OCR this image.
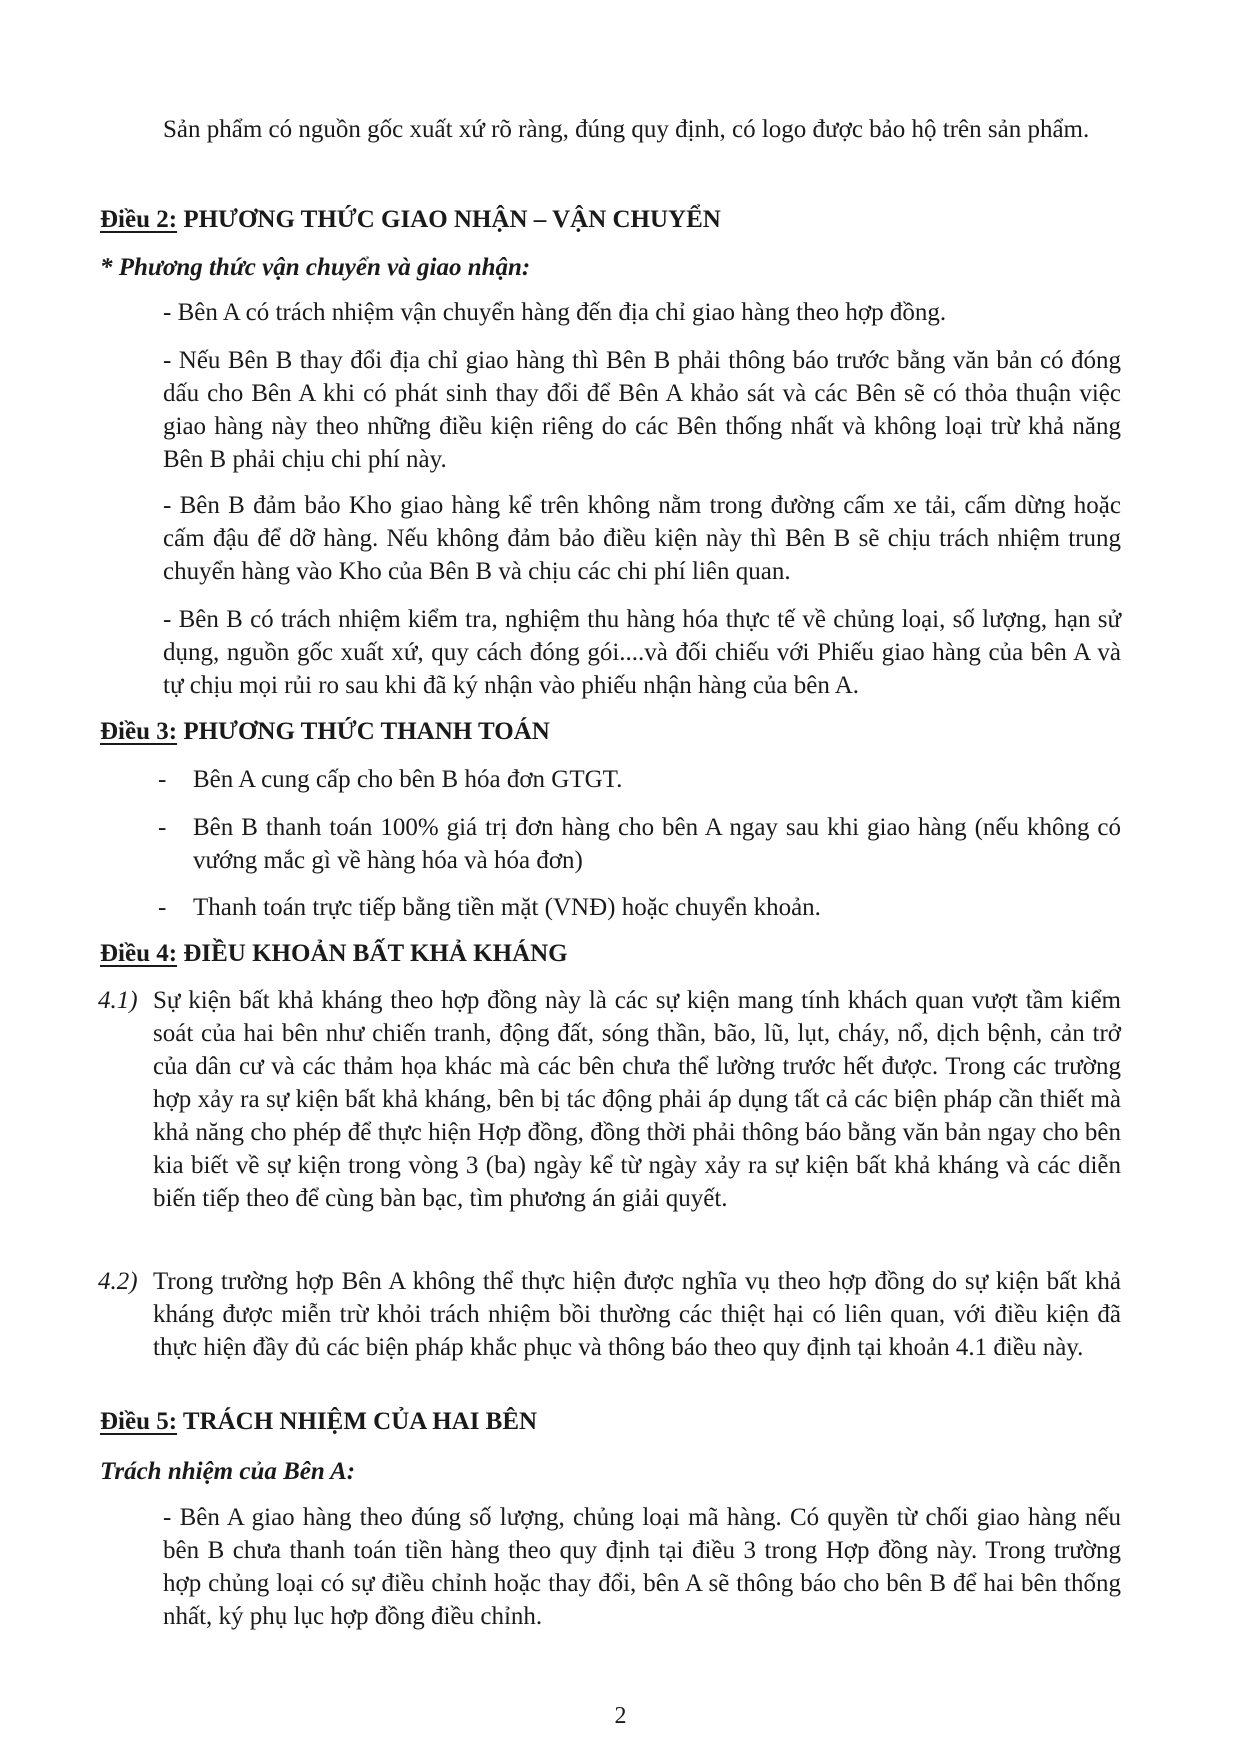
Sản phẩm có nguồn gốc xuất xứ rõ ràng, đúng quy định, có logo được bảo hộ trên sản phẩm.
Điều 2: PHƯƠNG THỨC GIAO NHẬN – VẬN CHUYỂN
* Phương thức vận chuyển và giao nhận:
- Bên A có trách nhiệm vận chuyển hàng đến địa chỉ giao hàng theo hợp đồng.
- Nếu Bên B thay đổi địa chỉ giao hàng thì Bên B phải thông báo trước bằng văn bản có đóng dấu cho Bên A khi có phát sinh thay đổi để Bên A khảo sát và các Bên sẽ có thỏa thuận việc giao hàng này theo những điều kiện riêng do các Bên thống nhất và không loại trừ khả năng Bên B phải chịu chi phí này.
- Bên B đảm bảo Kho giao hàng kể trên không nằm trong đường cấm xe tải, cấm dừng hoặc cấm đậu để dỡ hàng. Nếu không đảm bảo điều kiện này thì Bên B sẽ chịu trách nhiệm trung chuyển hàng vào Kho của Bên B và chịu các chi phí liên quan.
- Bên B có trách nhiệm kiểm tra, nghiệm thu hàng hóa thực tế về chủng loại, số lượng, hạn sử dụng, nguồn gốc xuất xứ, quy cách đóng gói....và đối chiếu với Phiếu giao hàng của bên A và tự chịu mọi rủi ro sau khi đã ký nhận vào phiếu nhận hàng của bên A.
Điều 3: PHƯƠNG THỨC THANH TOÁN
- Bên A cung cấp cho bên B hóa đơn GTGT.
- Bên B thanh toán 100% giá trị đơn hàng cho bên A ngay sau khi giao hàng (nếu không có vướng mắc gì về hàng hóa và hóa đơn)
- Thanh toán trực tiếp bằng tiền mặt (VNĐ) hoặc chuyển khoản.
Điều 4: ĐIỀU KHOẢN BẤT KHẢ KHÁNG
4.1) Sự kiện bất khả kháng theo hợp đồng này là các sự kiện mang tính khách quan vượt tầm kiểm soát của hai bên như chiến tranh, động đất, sóng thần, bão, lũ, lụt, cháy, nổ, dịch bệnh, cản trở của dân cư và các thảm họa khác mà các bên chưa thể lường trước hết được. Trong các trường hợp xảy ra sự kiện bất khả kháng, bên bị tác động phải áp dụng tất cả các biện pháp cần thiết mà khả năng cho phép để thực hiện Hợp đồng, đồng thời phải thông báo bằng văn bản ngay cho bên kia biết về sự kiện trong vòng 3 (ba) ngày kể từ ngày xảy ra sự kiện bất khả kháng và các diễn biến tiếp theo để cùng bàn bạc, tìm phương án giải quyết.
4.2) Trong trường hợp Bên A không thể thực hiện được nghĩa vụ theo hợp đồng do sự kiện bất khả kháng được miễn trừ khỏi trách nhiệm bồi thường các thiệt hại có liên quan, với điều kiện đã thực hiện đầy đủ các biện pháp khắc phục và thông báo theo quy định tại khoản 4.1 điều này.
Điều 5: TRÁCH NHIỆM CỦA HAI BÊN
Trách nhiệm của Bên A:
- Bên A giao hàng theo đúng số lượng, chủng loại mã hàng. Có quyền từ chối giao hàng nếu bên B chưa thanh toán tiền hàng theo quy định tại điều 3 trong Hợp đồng này. Trong trường hợp chủng loại có sự điều chỉnh hoặc thay đổi, bên A sẽ thông báo cho bên B để hai bên thống nhất, ký phụ lục hợp đồng điều chỉnh.
2
